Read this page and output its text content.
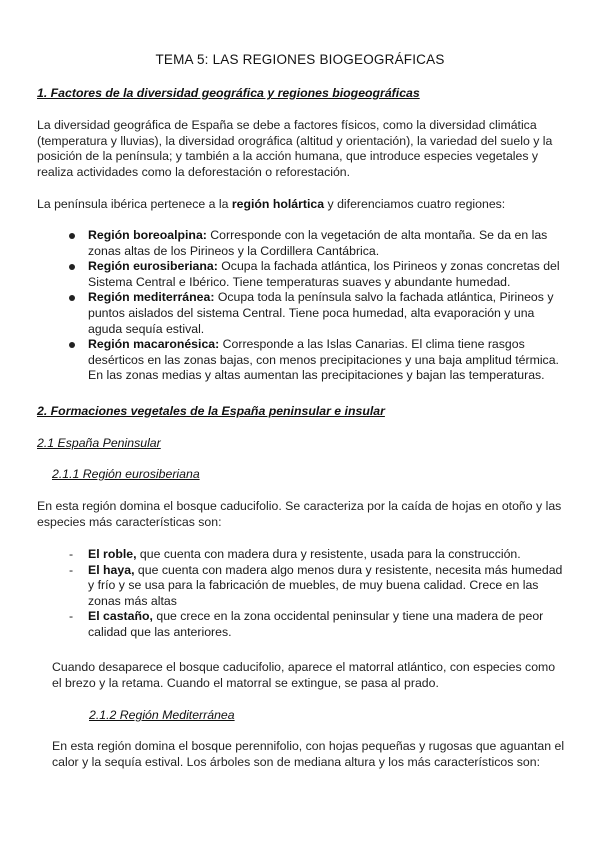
TEMA 5: LAS REGIONES BIOGEOGRÁFICAS
1. Factores de la diversidad geográfica y regiones biogeográficas
La diversidad geográfica de España se debe a factores físicos, como la diversidad climática (temperatura y lluvias), la diversidad orográfica (altitud y orientación), la variedad del suelo y la posición de la península; y también a la acción humana, que introduce especies vegetales y realiza actividades como la deforestación o reforestación.
La península ibérica pertenece a la región holártica y diferenciamos cuatro regiones:
Región boreoalpina: Corresponde con la vegetación de alta montaña. Se da en las zonas altas de los Pirineos y la Cordillera Cantábrica.
Región eurosiberiana: Ocupa la fachada atlántica, los Pirineos y zonas concretas del Sistema Central e Ibérico. Tiene temperaturas suaves y abundante humedad.
Región mediterránea: Ocupa toda la península salvo la fachada atlántica, Pirineos y puntos aislados del sistema Central. Tiene poca humedad, alta evaporación y una aguda sequía estival.
Región macaronésica: Corresponde a las Islas Canarias. El clima tiene rasgos desérticos en las zonas bajas, con menos precipitaciones y una baja amplitud térmica. En las zonas medias y altas aumentan las precipitaciones y bajan las temperaturas.
2. Formaciones vegetales de la España peninsular e insular
2.1 España Peninsular
2.1.1 Región eurosiberiana
En esta región domina el bosque caducifolio. Se caracteriza por la caída de hojas en otoño y las especies más características son:
- El roble, que cuenta con madera dura y resistente, usada para la construcción.
- El haya, que cuenta con madera algo menos dura y resistente, necesita más humedad y frío y se usa para la fabricación de muebles, de muy buena calidad. Crece en las zonas más altas
- El castaño, que crece en la zona occidental peninsular y tiene una madera de peor calidad que las anteriores.
Cuando desaparece el bosque caducifolio, aparece el matorral atlántico, con especies como el brezo y la retama. Cuando el matorral se extingue, se pasa al prado.
2.1.2 Región Mediterránea
En esta región domina el bosque perennifolio, con hojas pequeñas y rugosas que aguantan el calor y la sequía estival. Los árboles son de mediana altura y los más característicos son:
